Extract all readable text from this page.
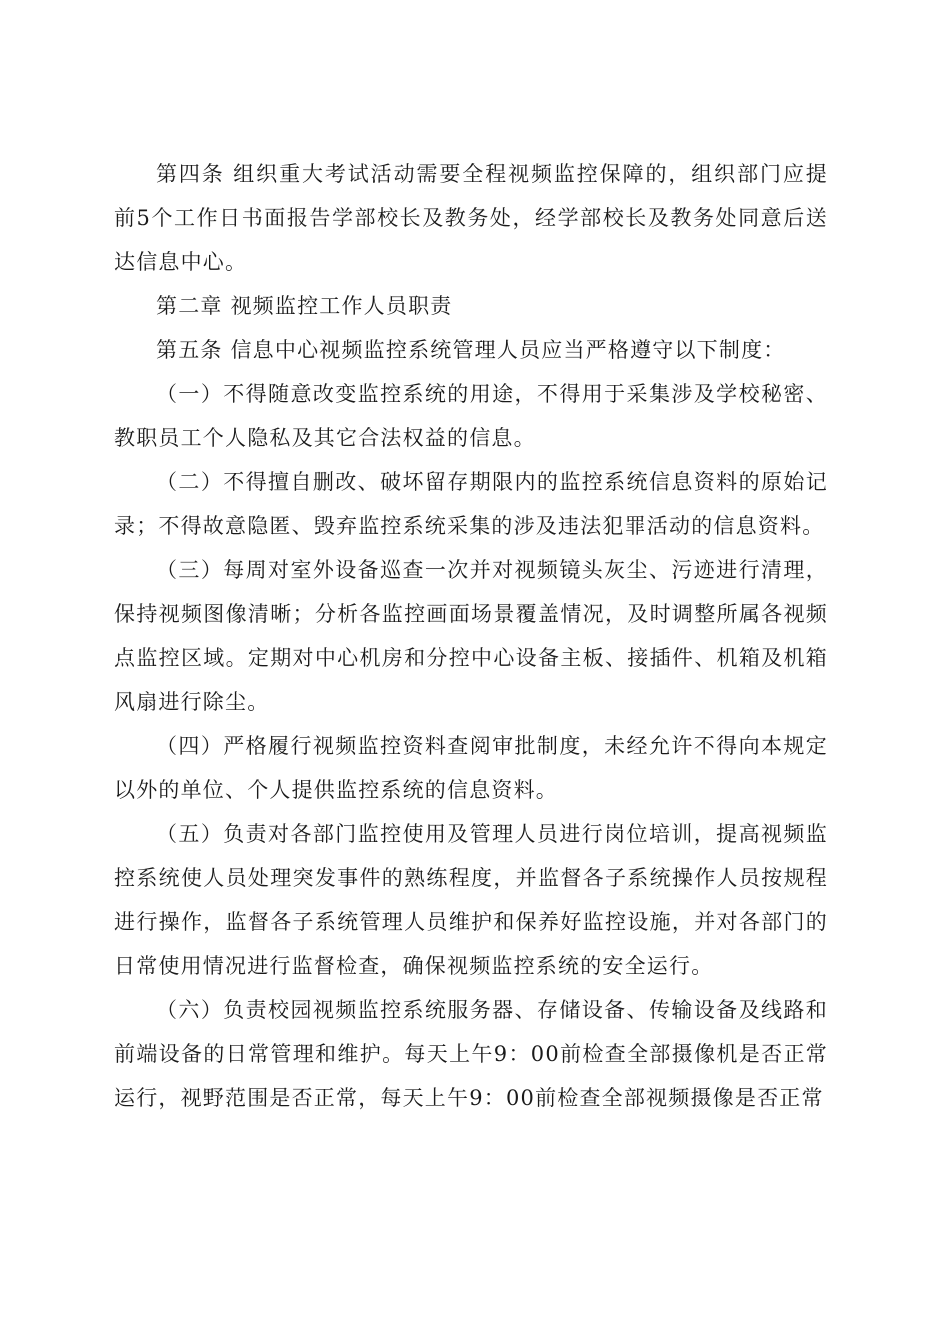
第四条 组织重大考试活动需要全程视频监控保障的，组织部门应提前5个工作日书面报告学部校长及教务处，经学部校长及教务处同意后送达信息中心。

第二章 视频监控工作人员职责

第五条 信息中心视频监控系统管理人员应当严格遵守以下制度：

（一）不得随意改变监控系统的用途，不得用于采集涉及学校秘密、教职员工个人隐私及其它合法权益的信息。

（二）不得擅自删改、破坏留存期限内的监控系统信息资料的原始记录；不得故意隐匿、毁弃监控系统采集的涉及违法犯罪活动的信息资料。

（三）每周对室外设备巡查一次并对视频镜头灰尘、污迹进行清理，保持视频图像清晰；分析各监控画面场景覆盖情况，及时调整所属各视频点监控区域。定期对中心机房和分控中心设备主板、接插件、机箱及机箱风扇进行除尘。

（四）严格履行视频监控资料查阅审批制度，未经允许不得向本规定以外的单位、个人提供监控系统的信息资料。

（五）负责对各部门监控使用及管理人员进行岗位培训，提高视频监控系统使人员处理突发事件的熟练程度，并监督各子系统操作人员按规程进行操作，监督各子系统管理人员维护和保养好监控设施，并对各部门的日常使用情况进行监督检查，确保视频监控系统的安全运行。

（六）负责校园视频监控系统服务器、存储设备、传输设备及线路和前端设备的日常管理和维护。每天上午9：00前检查全部摄像机是否正常运行，视野范围是否正常，每天上午9：00前检查全部视频摄像是否正常
